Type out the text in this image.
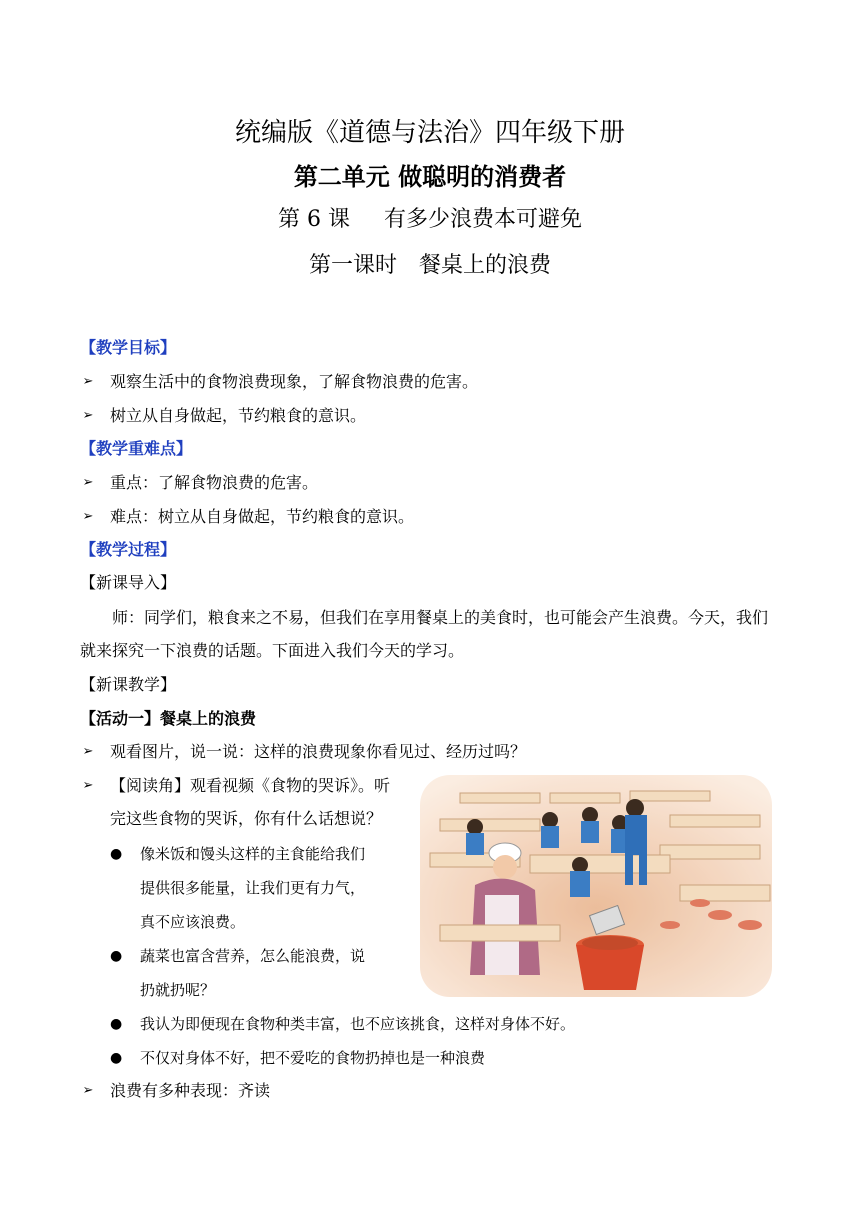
统编版《道德与法治》四年级下册
第二单元 做聪明的消费者
第 6 课 有多少浪费本可避免
第一课时 餐桌上的浪费
【教学目标】
➢ 观察生活中的食物浪费现象，了解食物浪费的危害。
➢ 树立从自身做起，节约粮食的意识。
【教学重难点】
➢ 重点：了解食物浪费的危害。
➢ 难点：树立从自身做起，节约粮食的意识。
【教学过程】
【新课导入】
师：同学们，粮食来之不易，但我们在享用餐桌上的美食时，也可能会产生浪费。今天，我们就来探究一下浪费的话题。下面进入我们今天的学习。
【新课教学】
【活动一】餐桌上的浪费
➢ 观看图片，说一说：这样的浪费现象你看见过、经历过吗？
➢ 【阅读角】观看视频《食物的哭诉》。听
完这些食物的哭诉，你有什么话想说？
● 像米饭和馒头这样的主食能给我们
提供很多能量，让我们更有力气，
真不应该浪费。
● 蔬菜也富含营养，怎么能浪费，说
扔就扔呢？
● 我认为即便现在食物种类丰富，也不应该挑食，这样对身体不好。
● 不仅对身体不好，把不爱吃的食物扔掉也是一种浪费
➢ 浪费有多种表现：齐读
